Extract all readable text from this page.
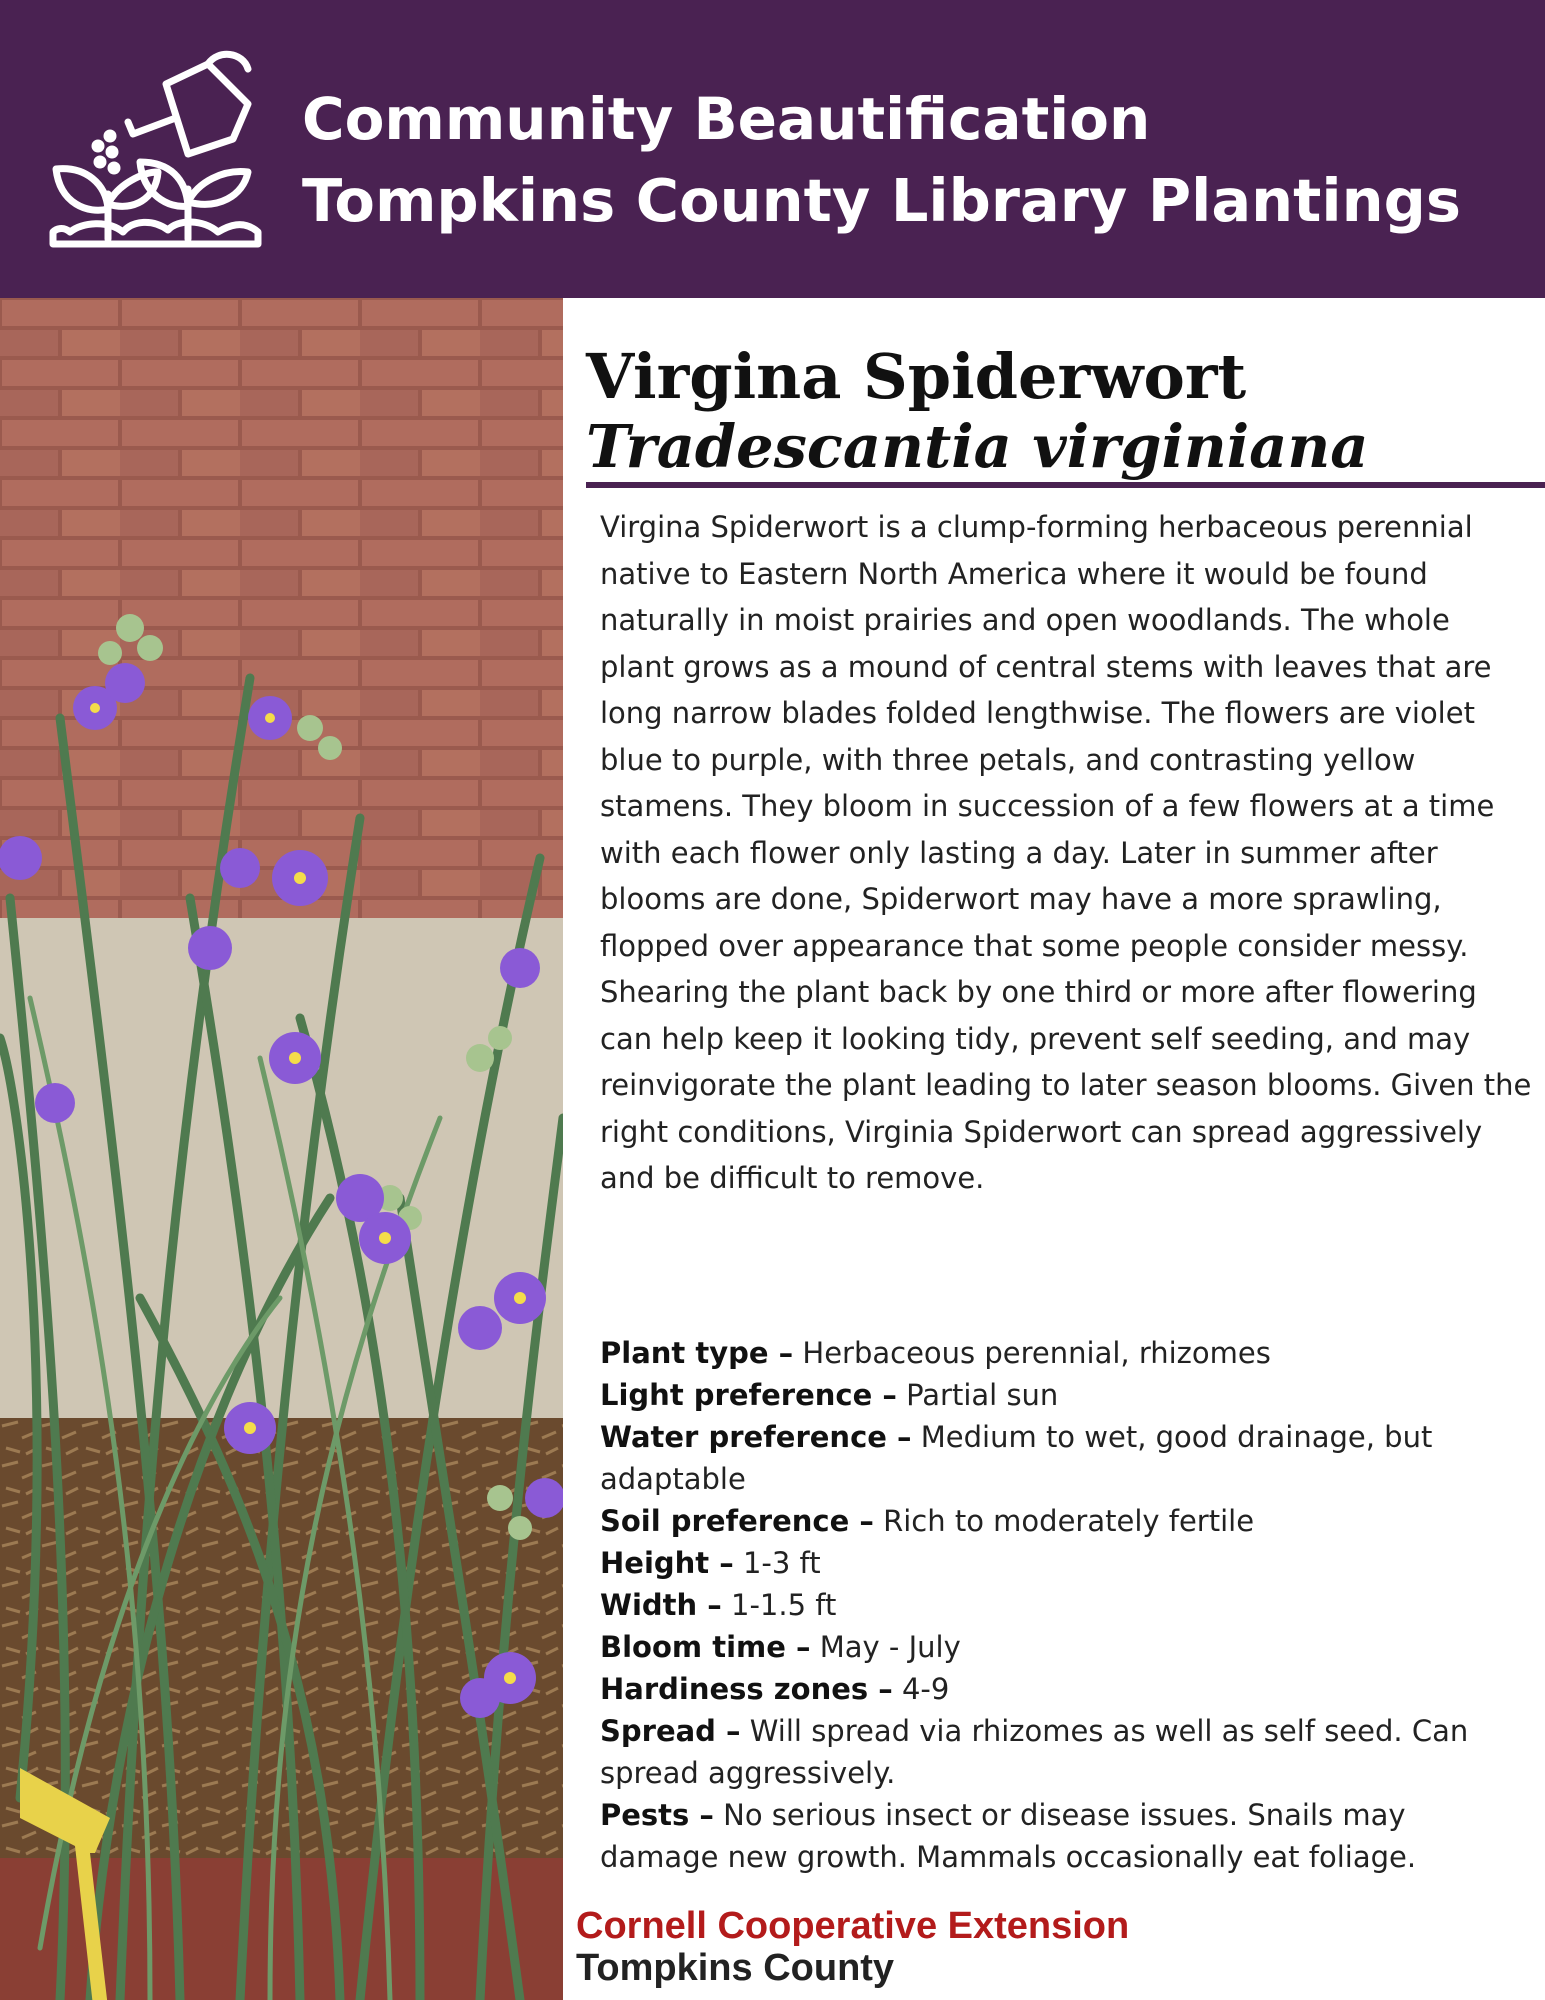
Community Beautification
Tompkins County Library Plantings
Virgina Spiderwort
Tradescantia virginiana
Virgina Spiderwort is a clump-forming herbaceous perennial native to Eastern North America where it would be found naturally in moist prairies and open woodlands. The whole plant grows as a mound of central stems with leaves that are long narrow blades folded lengthwise. The flowers are violet blue to purple, with three petals, and contrasting yellow stamens. They bloom in succession of a few flowers at a time with each flower only lasting a day. Later in summer after blooms are done, Spiderwort may have a more sprawling, flopped over appearance that some people consider messy. Shearing the plant back by one third or more after flowering can help keep it looking tidy, prevent self seeding, and may reinvigorate the plant leading to later season blooms. Given the right conditions, Virginia Spiderwort can spread aggressively and be difficult to remove.

Plant type – Herbaceous perennial, rhizomes

Light preference – Partial sun

Water preference – Medium to wet, good drainage, but adaptable

Soil preference – Rich to moderately fertile

Height – 1-3 ft

Width – 1-1.5 ft

Bloom time – May - July

Hardiness zones – 4-9

Spread – Will spread via rhizomes as well as self seed. Can spread aggressively.

Pests – No serious insect or disease issues. Snails may damage new growth. Mammals occasionally eat foliage.

Cornell Cooperative Extension
Tompkins County
